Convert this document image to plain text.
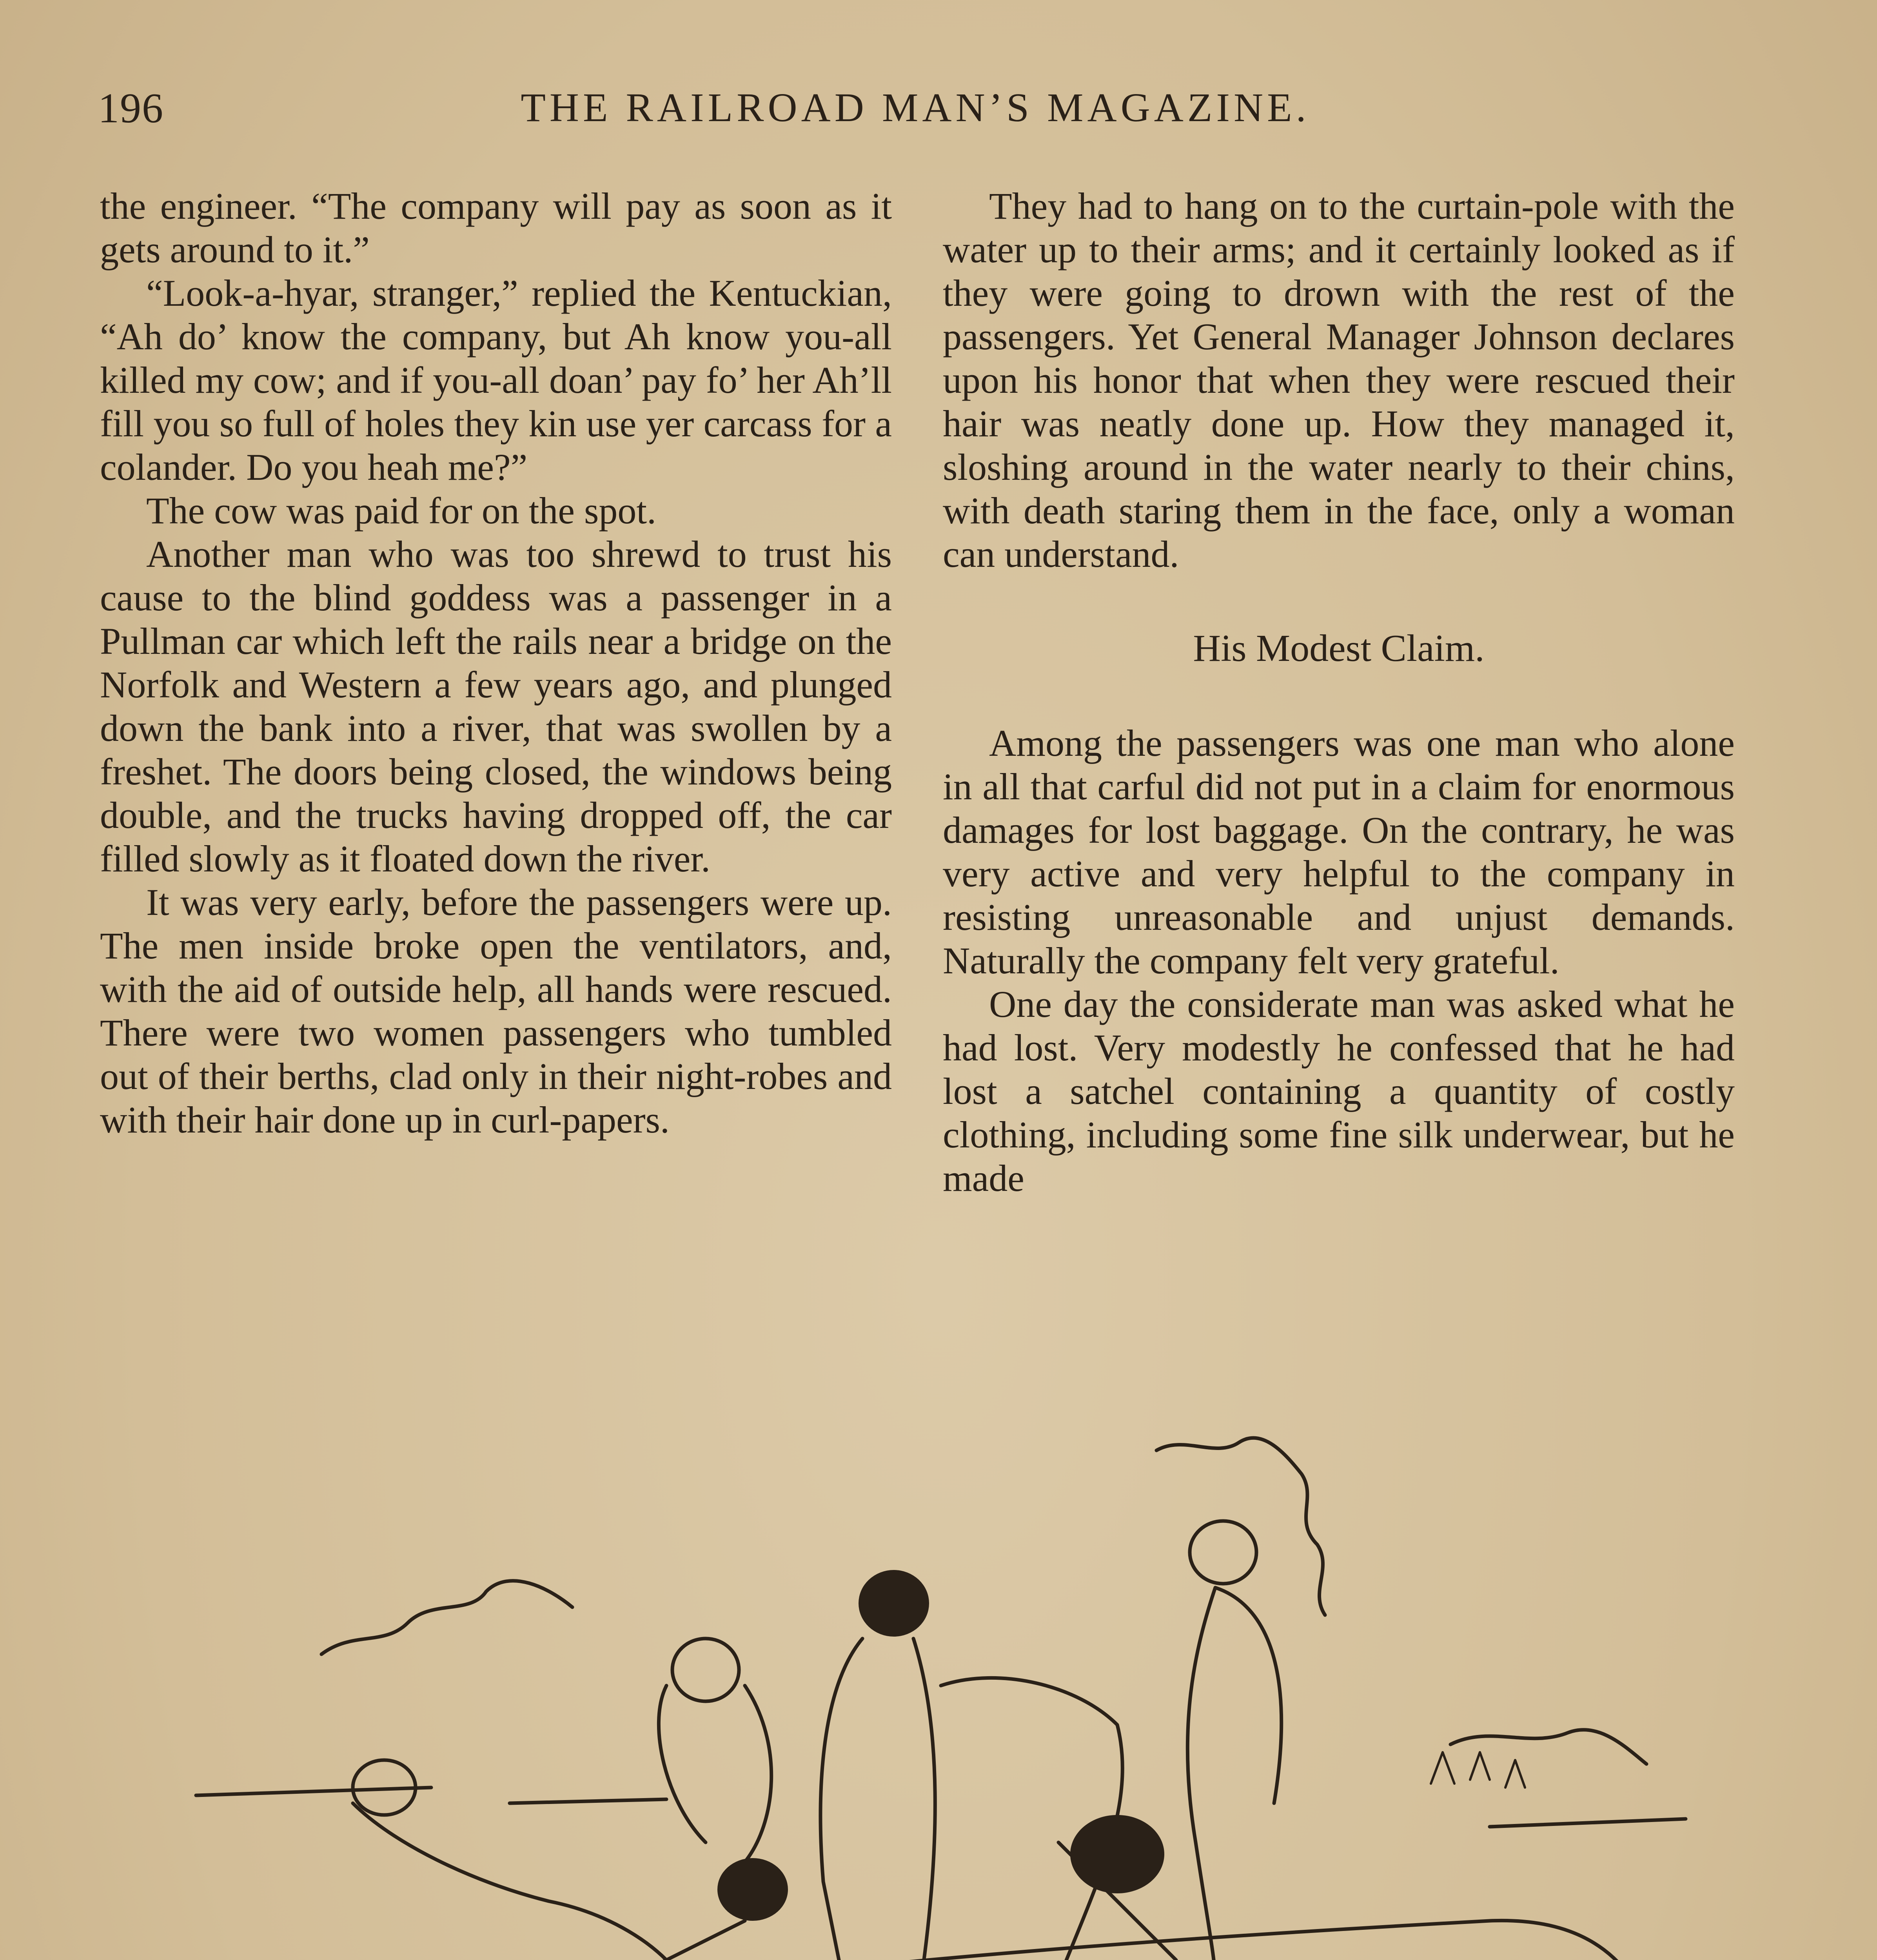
196	THE RAILROAD MAN’S MAGAZINE.

the engineer. “The company will pay as soon as it gets around to it.”

“Look-a-hyar, stranger,” replied the Kentuckian, “Ah do’ know the company, but Ah know you-all killed my cow; and if you-all doan’ pay fo’ her Ah’ll fill you so full of holes they kin use yer carcass for a colander. Do you heah me?”

The cow was paid for on the spot.

Another man who was too shrewd to trust his cause to the blind goddess was a passenger in a Pullman car which left the rails near a bridge on the Norfolk and Western a few years ago, and plunged down the bank into a river, that was swollen by a freshet. The doors being closed, the windows being double, and the trucks having dropped off, the car filled slowly as it floated down the river.

It was very early, before the passengers were up. The men inside broke open the ventilators, and, with the aid of outside help, all hands were rescued. There were two women passengers who tumbled out of their berths, clad only in their night-robes and with their hair done up in curl-papers.

They had to hang on to the curtain-pole with the water up to their arms; and it certainly looked as if they were going to drown with the rest of the passengers. Yet General Manager Johnson declares upon his honor that when they were rescued their hair was neatly done up. How they managed it, sloshing around in the water nearly to their chins, with death staring them in the face, only a woman can understand.

His Modest Claim.

Among the passengers was one man who alone in all that carful did not put in a claim for enormous damages for lost baggage. On the contrary, he was very active and very helpful to the company in resisting unreasonable and unjust demands. Naturally the company felt very grateful.

One day the considerate man was asked what he had lost. Very modestly he confessed that he had lost a satchel containing a quantity of costly clothing, including some fine silk underwear, but he made
